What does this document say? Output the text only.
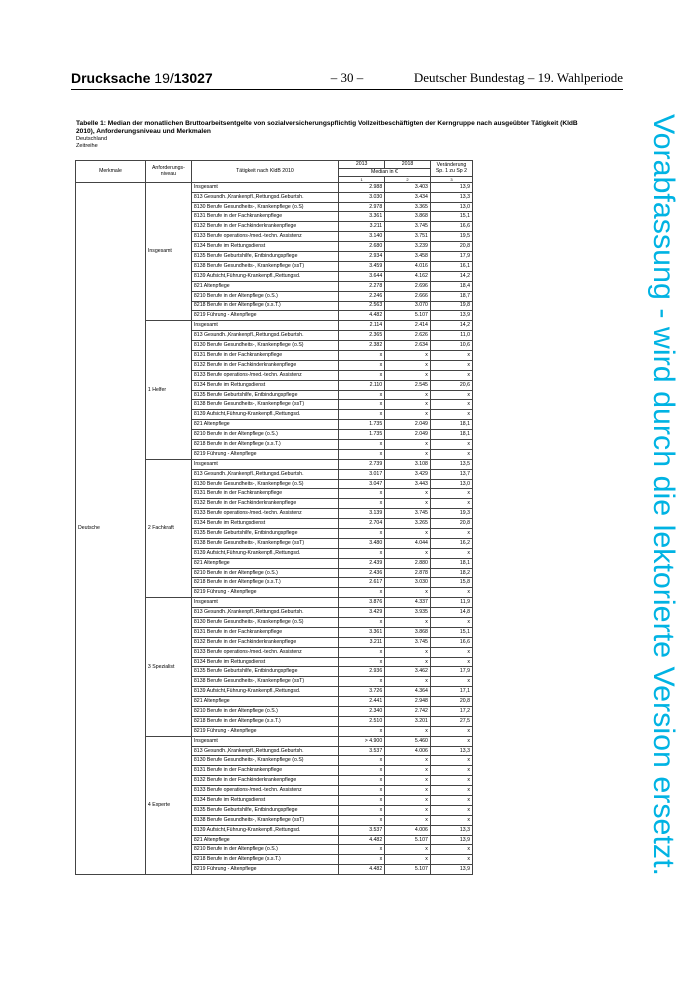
Drucksache 19/13027	– 30 –	Deutscher Bundestag – 19. Wahlperiode
Tabelle 1: Median der monatlichen Bruttoarbeitsentgelte von sozialversicherungspflichtig Vollzeitbeschäftigten der Kerngruppe nach ausgeübter Tätigkeit (KldB 2010), Anforderungsniveau und Merkmalen
Deutschland
Zeitreihe
Merkmale	Anforderungs-niveau	Tätigkeit nach KldB 2010	2013	2018	Veränderung Sp. 1 zu Sp 2
			Median in €		
			1	2	3
Deutsche	Insgesamt	Insgesamt	2.988	3.403	13,9
		813 Gesundh.,Krankenpfl.,Rettungsd.Geburtsh.	3.030	3.434	13,3
		8130 Berufe Gesundheits-, Krankenpflege (o.S)	2.978	3.365	13,0
		8131 Berufe in der Fachkrankenpflege	3.361	3.868	15,1
		8132 Berufe in der Fachkinderkrankenpflege	3.211	3.745	16,6
		8133 Berufe operations-/med.-techn. Assistenz	3.140	3.751	19,5
		8134 Berufe im Rettungsdienst	2.680	3.239	20,8
		8135 Berufe Geburtshilfe, Entbindungspflege	2.934	3.458	17,9
		8138 Berufe Gesundheits-, Krankenpflege (ssT)	3.459	4.016	16,1
		8139 Aufsicht,Führung-Krankenpfl.,Rettungsd.	3.644	4.162	14,2
		821 Altenpflege	2.278	2.696	18,4
		8210 Berufe in der Altenpflege (o.S.)	2.246	2.666	18,7
		8218 Berufe in der Altenpflege (s.s.T.)	2.563	3.070	19,8
		8219 Führung - Altenpflege	4.482	5.107	13,9
	1 Helfer	Insgesamt	2.114	2.414	14,2
		813 Gesundh.,Krankenpfl.,Rettungsd.Geburtsh.	2.365	2.626	11,0
		8130 Berufe Gesundheits-, Krankenpflege (o.S)	2.382	2.634	10,6
		8131 Berufe in der Fachkrankenpflege	x	x	x
		8132 Berufe in der Fachkinderkrankenpflege	x	x	x
		8133 Berufe operations-/med.-techn. Assistenz	x	x	x
		8134 Berufe im Rettungsdienst	2.110	2.545	20,6
		8135 Berufe Geburtshilfe, Entbindungspflege	x	x	x
		8138 Berufe Gesundheits-, Krankenpflege (ssT)	x	x	x
		8139 Aufsicht,Führung-Krankenpfl.,Rettungsd.	x	x	x
		821 Altenpflege	1.735	2.049	18,1
		8210 Berufe in der Altenpflege (o.S.)	1.735	2.049	18,1
		8218 Berufe in der Altenpflege (s.s.T.)	x	x	x
		8219 Führung - Altenpflege	x	x	x
	2 Fachkraft	Insgesamt	2.739	3.108	13,5
		813 Gesundh.,Krankenpfl.,Rettungsd.Geburtsh.	3.017	3.429	13,7
		8130 Berufe Gesundheits-, Krankenpflege (o.S)	3.047	3.443	13,0
		8131 Berufe in der Fachkrankenpflege	x	x	x
		8132 Berufe in der Fachkinderkrankenpflege	x	x	x
		8133 Berufe operations-/med.-techn. Assistenz	3.139	3.745	19,3
		8134 Berufe im Rettungsdienst	2.704	3.265	20,8
		8135 Berufe Geburtshilfe, Entbindungspflege	x	x	x
		8138 Berufe Gesundheits-, Krankenpflege (ssT)	3.480	4.044	16,2
		8139 Aufsicht,Führung-Krankenpfl.,Rettungsd.	x	x	x
		821 Altenpflege	2.439	2.880	18,1
		8210 Berufe in der Altenpflege (o.S.)	2.436	2.878	18,2
		8218 Berufe in der Altenpflege (s.s.T.)	2.617	3.030	15,8
		8219 Führung - Altenpflege	x	x	x
	3 Spezialist	Insgesamt	3.876	4.337	11,9
		813 Gesundh.,Krankenpfl.,Rettungsd.Geburtsh.	3.429	3.935	14,8
		8130 Berufe Gesundheits-, Krankenpflege (o.S)	x	x	x
		8131 Berufe in der Fachkrankenpflege	3.361	3.868	15,1
		8132 Berufe in der Fachkinderkrankenpflege	3.211	3.745	16,6
		8133 Berufe operations-/med.-techn. Assistenz	x	x	x
		8134 Berufe im Rettungsdienst	x	x	x
		8135 Berufe Geburtshilfe, Entbindungspflege	2.936	3.462	17,9
		8138 Berufe Gesundheits-, Krankenpflege (ssT)	x	x	x
		8139 Aufsicht,Führung-Krankenpfl.,Rettungsd.	3.726	4.364	17,1
		821 Altenpflege	2.441	2.948	20,8
		8210 Berufe in der Altenpflege (o.S.)	2.340	2.742	17,2
		8218 Berufe in der Altenpflege (s.s.T.)	2.510	3.201	27,5
		8219 Führung - Altenpflege	x	x	x
	4 Experte	Insgesamt	> 4.900	5.460	x
		813 Gesundh.,Krankenpfl.,Rettungsd.Geburtsh.	3.537	4.006	13,3
		8130 Berufe Gesundheits-, Krankenpflege (o.S)	x	x	x
		8131 Berufe in der Fachkrankenpflege	x	x	x
		8132 Berufe in der Fachkinderkrankenpflege	x	x	x
		8133 Berufe operations-/med.-techn. Assistenz	x	x	x
		8134 Berufe im Rettungsdienst	x	x	x
		8135 Berufe Geburtshilfe, Entbindungspflege	x	x	x
		8138 Berufe Gesundheits-, Krankenpflege (ssT)	x	x	x
		8139 Aufsicht,Führung-Krankenpfl.,Rettungsd.	3.537	4.006	13,3
		821 Altenpflege	4.482	5.107	13,9
		8210 Berufe in der Altenpflege (o.S.)	x	x	x
		8218 Berufe in der Altenpflege (s.s.T.)	x	x	x
		8219 Führung - Altenpflege	4.482	5.107	13,9
Vorabfassung - wird durch die lektorierte Version ersetzt.
